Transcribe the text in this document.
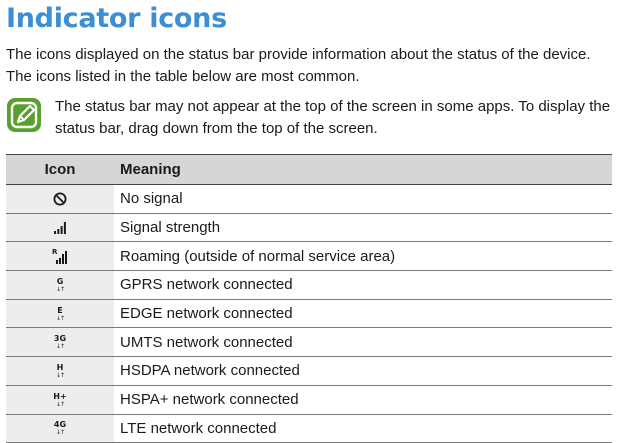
Indicator icons

The icons displayed on the status bar provide information about the status of the device. The icons listed in the table below are most common.

The status bar may not appear at the top of the screen in some apps. To display the status bar, drag down from the top of the screen.

Icon	Meaning
	No signal
	Signal strength

R	Roaming (outside of normal service area)

G
↓↑	GPRS network connected

E
↓↑	EDGE network connected

3G
↓↑	UMTS network connected

H
↓↑	HSDPA network connected

H+
↓↑	HSPA+ network connected

4G
↓↑	LTE network connected
